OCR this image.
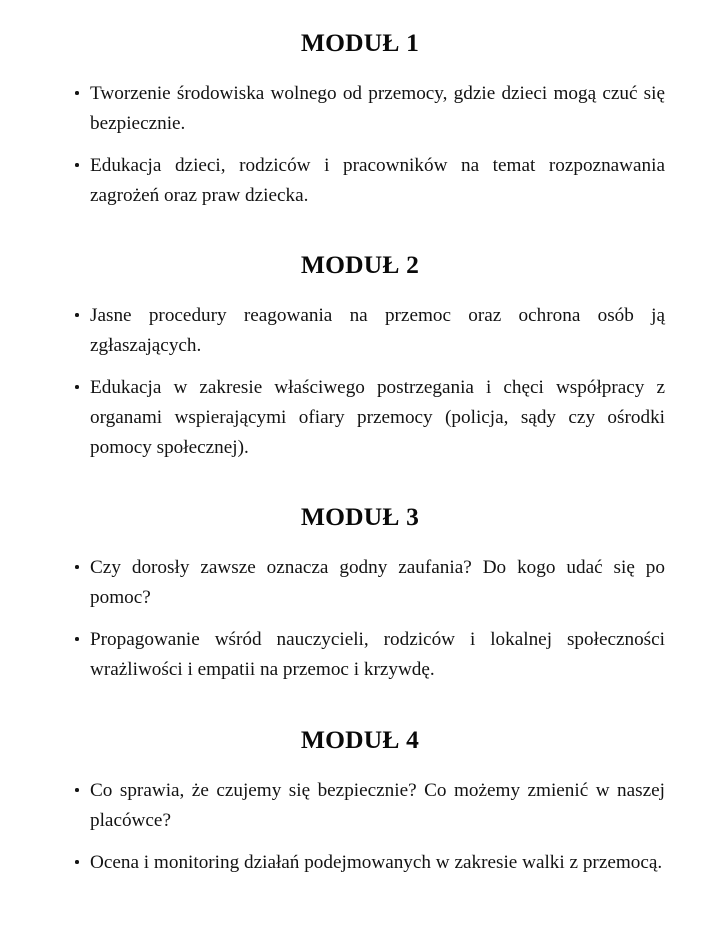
MODUŁ 1
Tworzenie środowiska wolnego od przemocy, gdzie dzieci mogą czuć się bezpiecznie.
Edukacja dzieci, rodziców i pracowników na temat rozpoznawania zagrożeń oraz praw dziecka.
MODUŁ 2
Jasne procedury reagowania na przemoc oraz ochrona osób ją zgłaszających.
Edukacja w zakresie właściwego postrzegania i chęci współpracy z organami wspierającymi ofiary przemocy (policja, sądy czy ośrodki pomocy społecznej).
MODUŁ 3
Czy dorosły zawsze oznacza godny zaufania? Do kogo udać się po pomoc?
Propagowanie wśród nauczycieli, rodziców i lokalnej społeczności wrażliwości i empatii na przemoc i krzywdę.
MODUŁ 4
Co sprawia, że czujemy się bezpiecznie? Co możemy zmienić w naszej placówce?
Ocena i monitoring działań podejmowanych w zakresie walki z przemocą.
